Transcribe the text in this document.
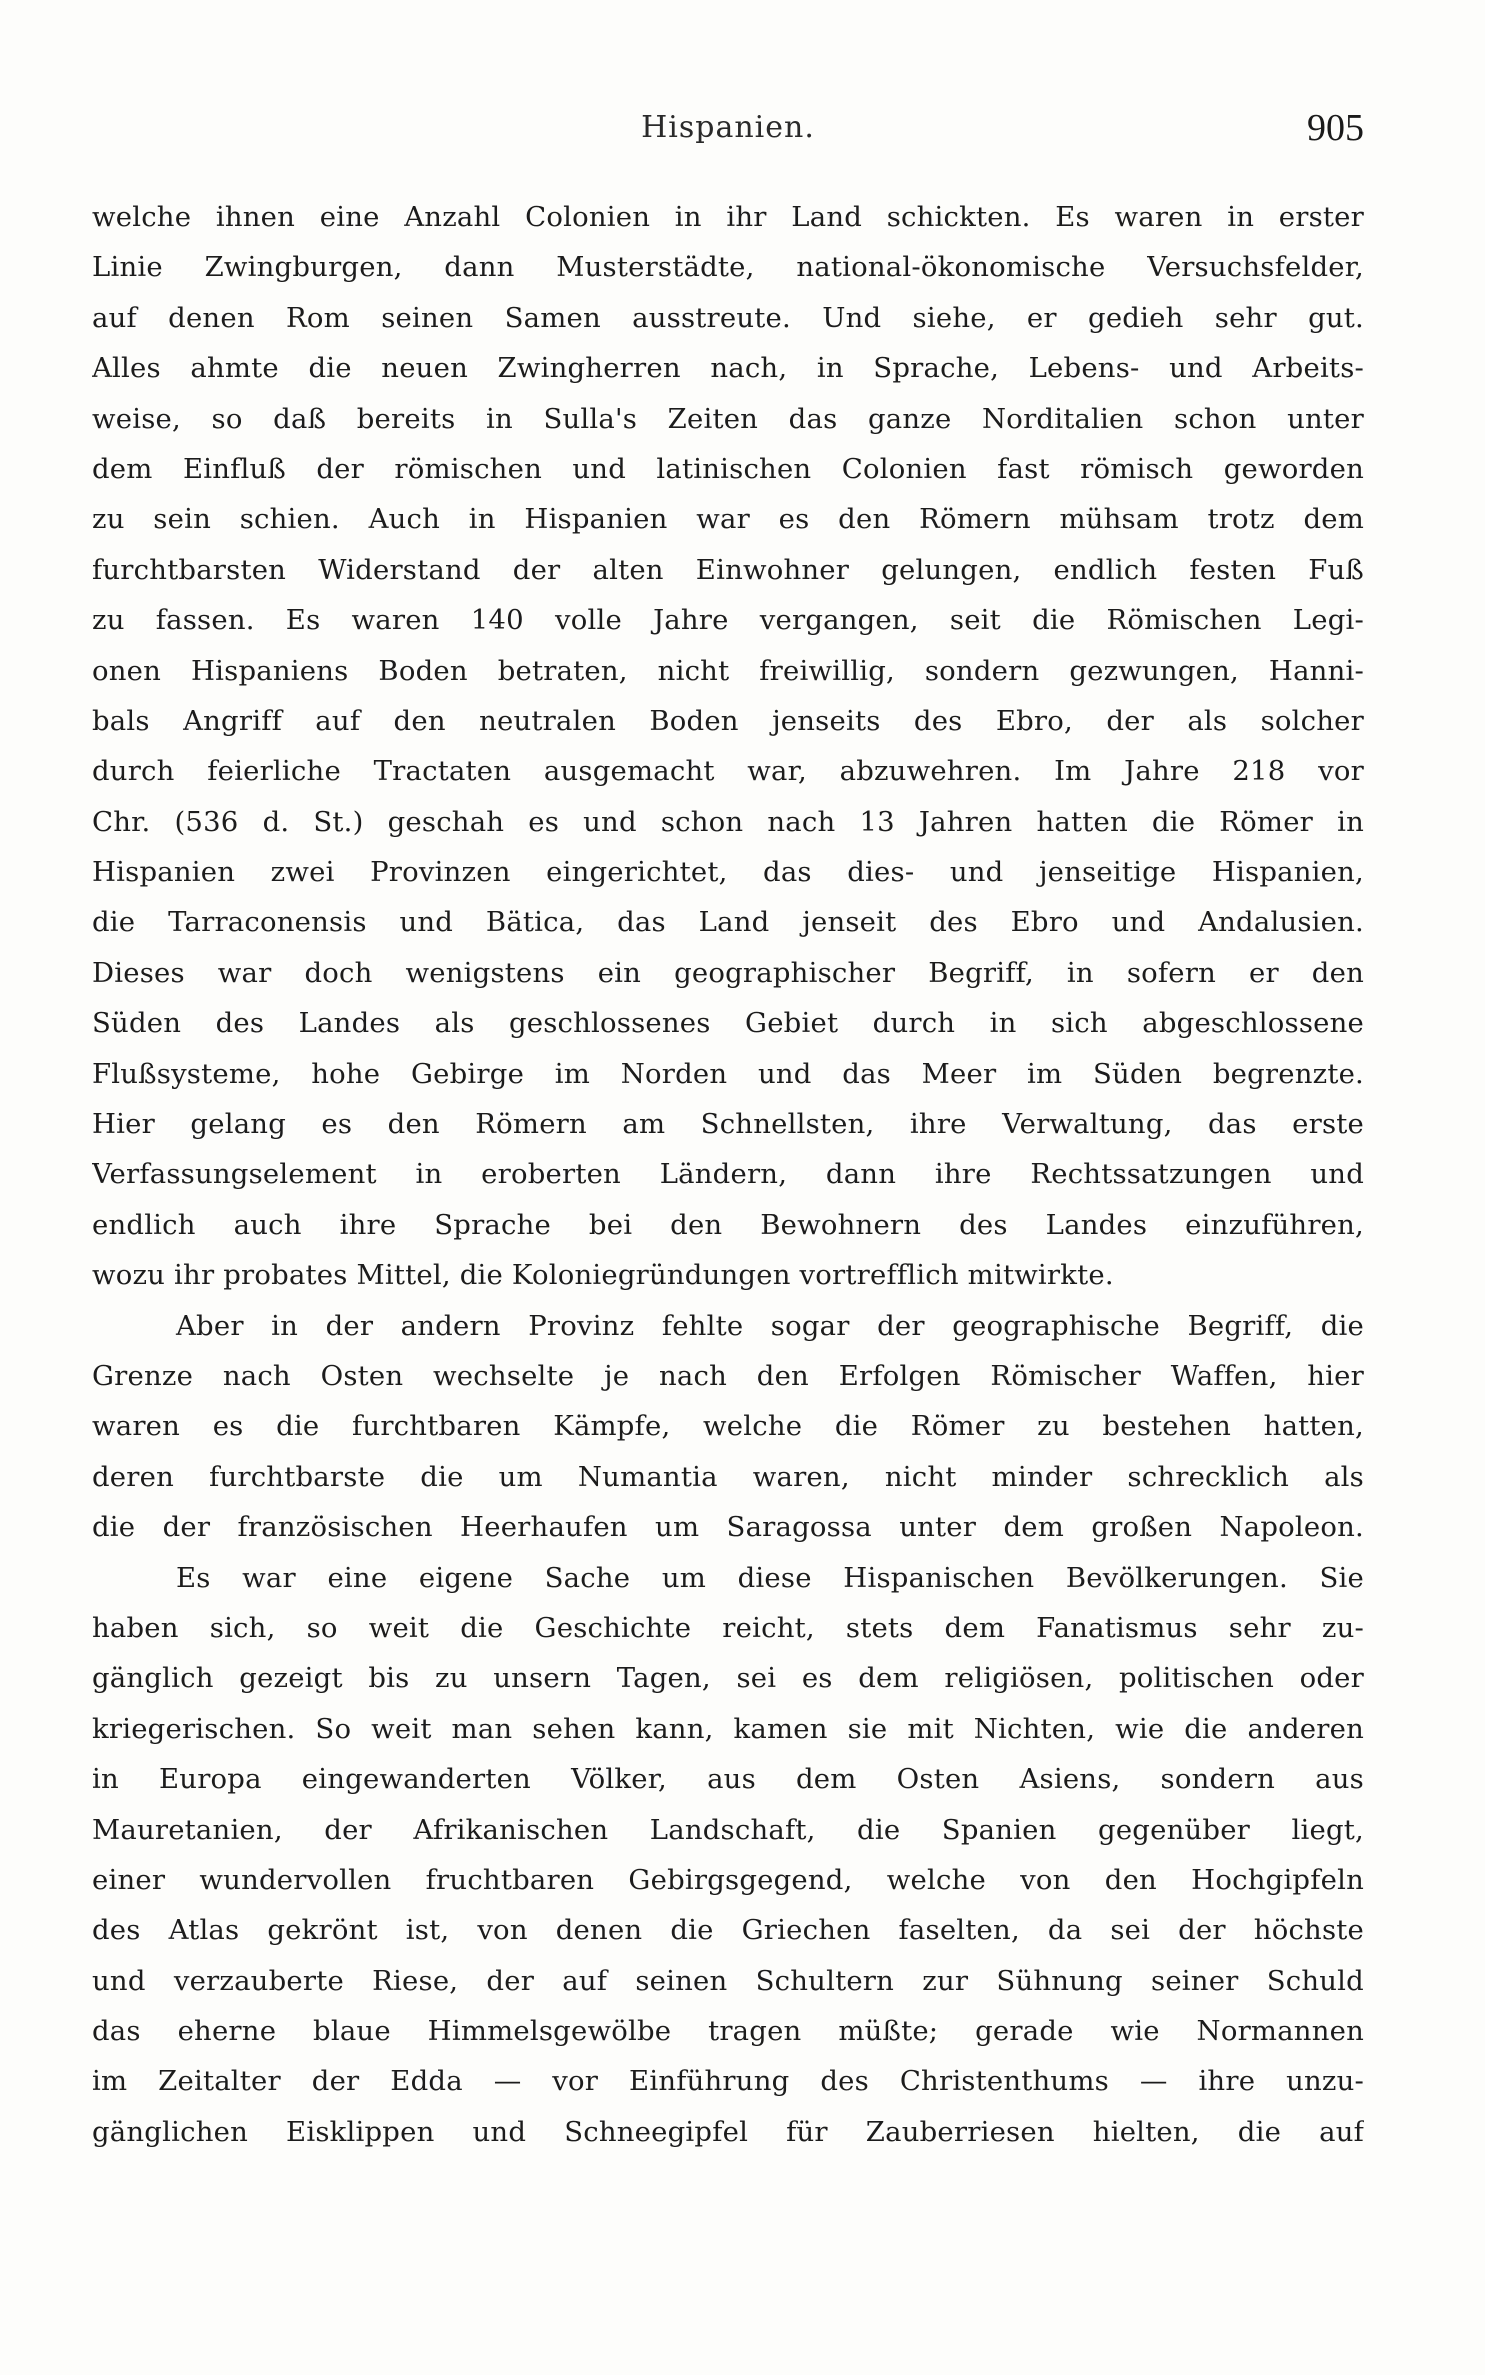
Hispanien.	905
welche ihnen eine Anzahl Colonien in ihr Land schickten. Es waren in erster
Linie Zwingburgen, dann Musterstädte, national-ökonomische Versuchsfelder,
auf denen Rom seinen Samen ausstreute. Und siehe, er gedieh sehr gut.
Alles ahmte die neuen Zwingherren nach, in Sprache, Lebens- und Arbeits-
weise, so daß bereits in Sulla's Zeiten das ganze Norditalien schon unter
dem Einfluß der römischen und latinischen Colonien fast römisch geworden
zu sein schien. Auch in Hispanien war es den Römern mühsam trotz dem
furchtbarsten Widerstand der alten Einwohner gelungen, endlich festen Fuß
zu fassen. Es waren 140 volle Jahre vergangen, seit die Römischen Legi-
onen Hispaniens Boden betraten, nicht freiwillig, sondern gezwungen, Hanni-
bals Angriff auf den neutralen Boden jenseits des Ebro, der als solcher
durch feierliche Tractaten ausgemacht war, abzuwehren. Im Jahre 218 vor
Chr. (536 d. St.) geschah es und schon nach 13 Jahren hatten die Römer in
Hispanien zwei Provinzen eingerichtet, das dies- und jenseitige Hispanien,
die Tarraconensis und Bätica, das Land jenseit des Ebro und Andalusien.
Dieses war doch wenigstens ein geographischer Begriff, in sofern er den
Süden des Landes als geschlossenes Gebiet durch in sich abgeschlossene
Flußsysteme, hohe Gebirge im Norden und das Meer im Süden begrenzte.
Hier gelang es den Römern am Schnellsten, ihre Verwaltung, das erste
Verfassungselement in eroberten Ländern, dann ihre Rechtssatzungen und
endlich auch ihre Sprache bei den Bewohnern des Landes einzuführen,
wozu ihr probates Mittel, die Koloniegründungen vortrefflich mitwirkte.
Aber in der andern Provinz fehlte sogar der geographische Begriff, die
Grenze nach Osten wechselte je nach den Erfolgen Römischer Waffen, hier
waren es die furchtbaren Kämpfe, welche die Römer zu bestehen hatten,
deren furchtbarste die um Numantia waren, nicht minder schrecklich als
die der französischen Heerhaufen um Saragossa unter dem großen Napoleon.
Es war eine eigene Sache um diese Hispanischen Bevölkerungen. Sie
haben sich, so weit die Geschichte reicht, stets dem Fanatismus sehr zu-
gänglich gezeigt bis zu unsern Tagen, sei es dem religiösen, politischen oder
kriegerischen. So weit man sehen kann, kamen sie mit Nichten, wie die anderen
in Europa eingewanderten Völker, aus dem Osten Asiens, sondern aus
Mauretanien, der Afrikanischen Landschaft, die Spanien gegenüber liegt,
einer wundervollen fruchtbaren Gebirgsgegend, welche von den Hochgipfeln
des Atlas gekrönt ist, von denen die Griechen faselten, da sei der höchste
und verzauberte Riese, der auf seinen Schultern zur Sühnung seiner Schuld
das eherne blaue Himmelsgewölbe tragen müßte; gerade wie Normannen
im Zeitalter der Edda — vor Einführung des Christenthums — ihre unzu-
gänglichen Eisklippen und Schneegipfel für Zauberriesen hielten, die auf
